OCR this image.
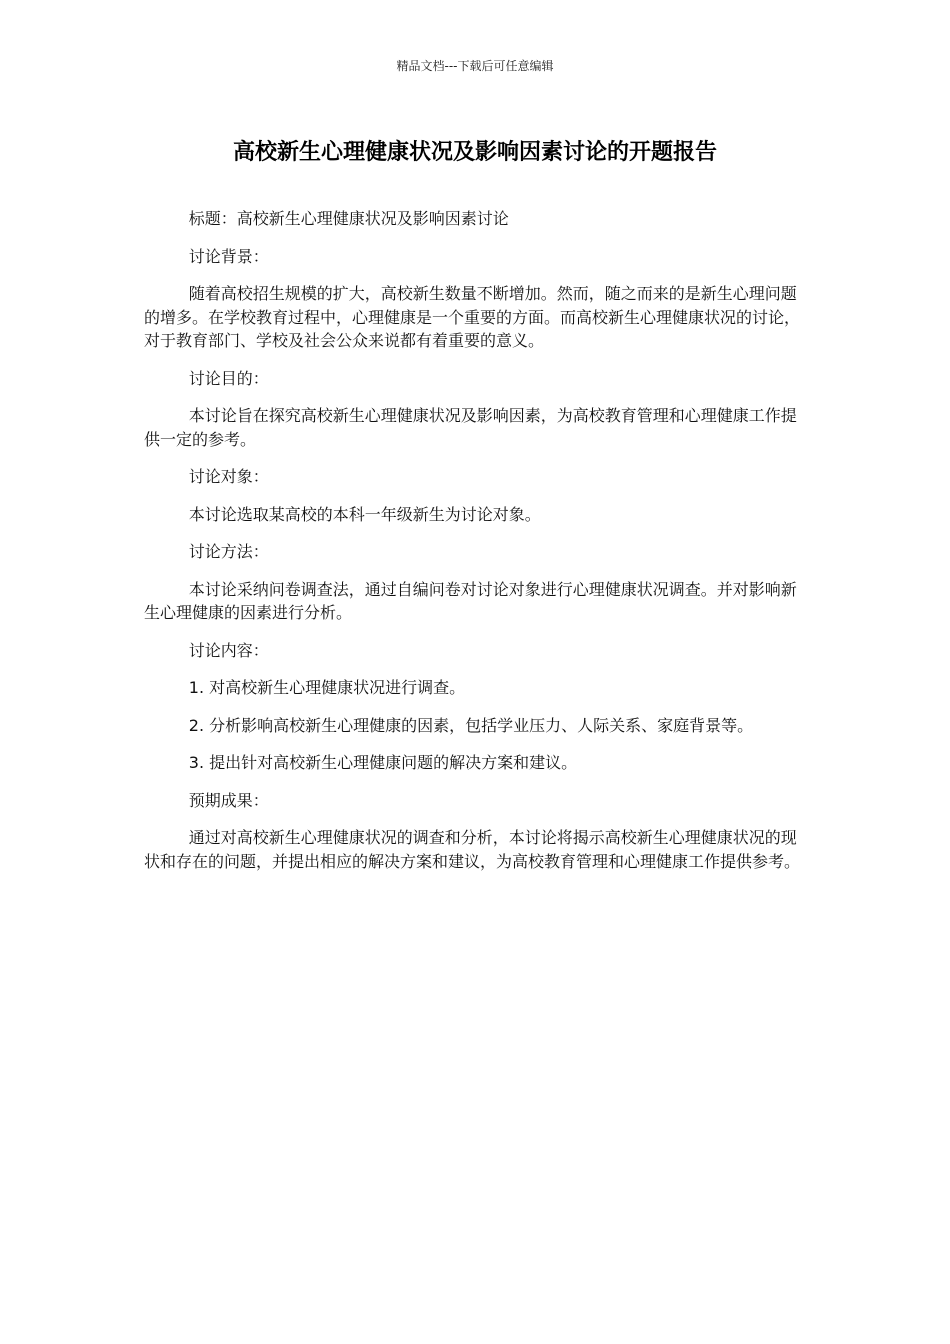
精品文档---下载后可任意编辑
高校新生心理健康状况及影响因素讨论的开题报告

标题：高校新生心理健康状况及影响因素讨论

讨论背景：

随着高校招生规模的扩大，高校新生数量不断增加。然而，随之而来的是新生心理问题的增多。在学校教育过程中，心理健康是一个重要的方面。而高校新生心理健康状况的讨论，对于教育部门、学校及社会公众来说都有着重要的意义。

讨论目的：

本讨论旨在探究高校新生心理健康状况及影响因素，为高校教育管理和心理健康工作提供一定的参考。

讨论对象：

本讨论选取某高校的本科一年级新生为讨论对象。

讨论方法：

本讨论采纳问卷调查法，通过自编问卷对讨论对象进行心理健康状况调查。并对影响新生心理健康的因素进行分析。

讨论内容：

1. 对高校新生心理健康状况进行调查。

2. 分析影响高校新生心理健康的因素，包括学业压力、人际关系、家庭背景等。

3. 提出针对高校新生心理健康问题的解决方案和建议。

预期成果：

通过对高校新生心理健康状况的调查和分析，本讨论将揭示高校新生心理健康状况的现状和存在的问题，并提出相应的解决方案和建议，为高校教育管理和心理健康工作提供参考。
